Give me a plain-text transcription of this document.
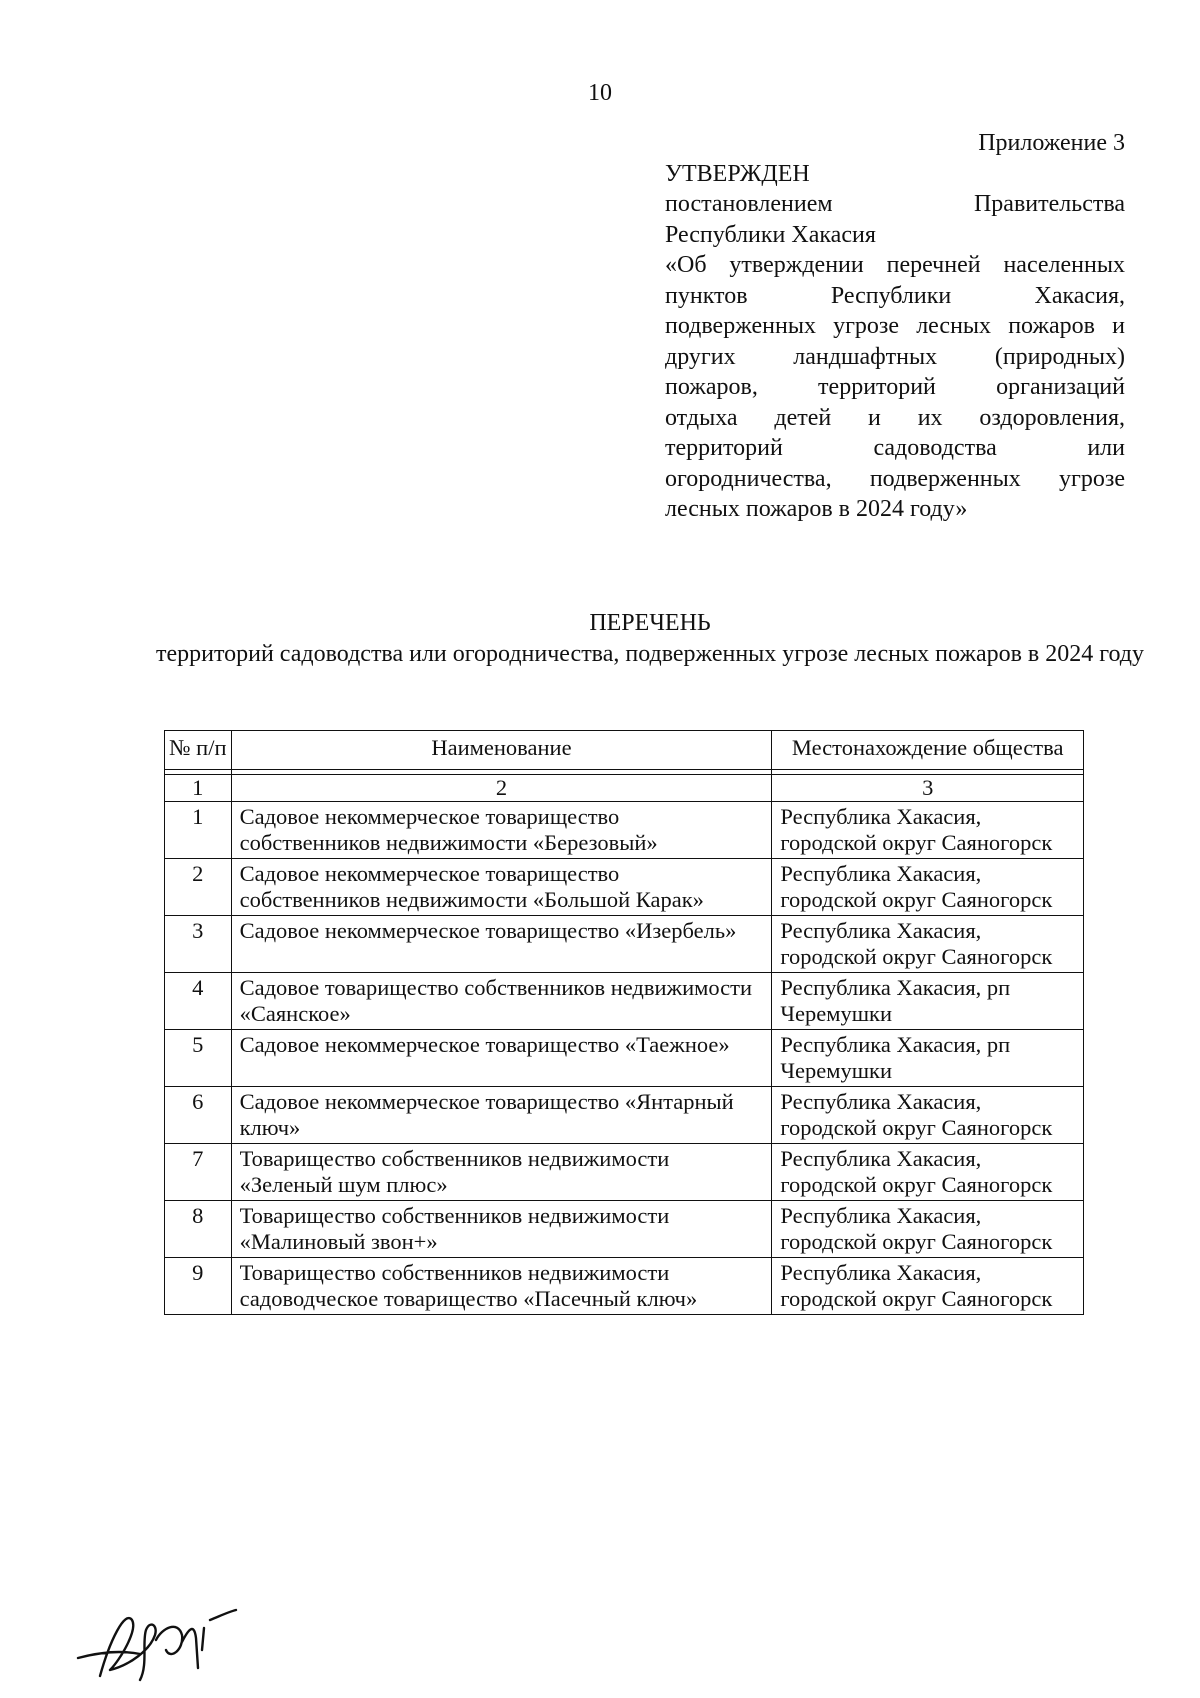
10
Приложение 3
УТВЕРЖДЕН
постановлением Правительства
Республики Хакасия
«Об утверждении перечней населенных
пунктов Республики Хакасия,
подверженных угрозе лесных пожаров и
других ландшафтных (природных)
пожаров, территорий организаций
отдыха детей и их оздоровления,
территорий садоводства или
огородничества, подверженных угрозе
лесных пожаров в 2024 году»
ПЕРЕЧЕНЬ
территорий садоводства или огородничества, подверженных угрозе лесных пожаров в 2024 году
№ п/п	Наименование	Местонахождение общества

1	2	3
1	Садовое некоммерческое товарищество собственников недвижимости «Березовый»	Республика Хакасия, городской округ Саяногорск
2	Садовое некоммерческое товарищество собственников недвижимости «Большой Карак»	Республика Хакасия, городской округ Саяногорск
3	Садовое некоммерческое товарищество «Изербель»	Республика Хакасия, городской округ Саяногорск
4	Садовое товарищество собственников недвижимости «Саянское»	Республика Хакасия, рп Черемушки
5	Садовое некоммерческое товарищество «Таежное»	Республика Хакасия, рп Черемушки
6	Садовое некоммерческое товарищество «Янтарный ключ»	Республика Хакасия, городской округ Саяногорск
7	Товарищество собственников недвижимости «Зеленый шум плюс»	Республика Хакасия, городской округ Саяногорск
8	Товарищество собственников недвижимости «Малиновый звон+»	Республика Хакасия, городской округ Саяногорск
9	Товарищество собственников недвижимости садоводческое товарищество «Пасечный ключ»	Республика Хакасия, городской округ Саяногорск
